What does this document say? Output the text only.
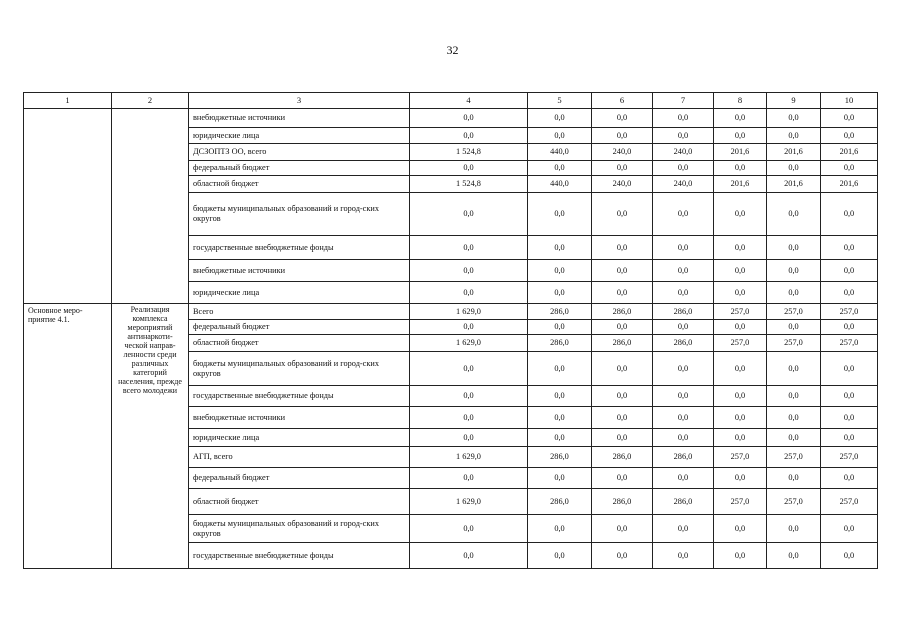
32
1	2	3	4	5	6	7	8	9	10
		внебюджетные источники	0,0	0,0	0,0	0,0	0,0	0,0	0,0
		юридические лица	0,0	0,0	0,0	0,0	0,0	0,0	0,0
		ДСЗОПТЗ ОО, всего	1 524,8	440,0	240,0	240,0	201,6	201,6	201,6
		федеральный бюджет	0,0	0,0	0,0	0,0	0,0	0,0	0,0
		областной бюджет	1 524,8	440,0	240,0	240,0	201,6	201,6	201,6
		бюджеты муниципальных образований и город-ских округов	0,0	0,0	0,0	0,0	0,0	0,0	0,0
		государственные внебюджетные фонды	0,0	0,0	0,0	0,0	0,0	0,0	0,0
		внебюджетные источники	0,0	0,0	0,0	0,0	0,0	0,0	0,0
		юридические лица	0,0	0,0	0,0	0,0	0,0	0,0	0,0
Основное меро-приятие 4.1.	Реализация комплекса мероприятий антинаркоти-ческой направ-ленности среди различных категорий населения, прежде всего молодежи	Всего	1 629,0	286,0	286,0	286,0	257,0	257,0	257,0
		федеральный бюджет	0,0	0,0	0,0	0,0	0,0	0,0	0,0
		областной бюджет	1 629,0	286,0	286,0	286,0	257,0	257,0	257,0
		бюджеты муниципальных образований и город-ских округов	0,0	0,0	0,0	0,0	0,0	0,0	0,0
		государственные внебюджетные фонды	0,0	0,0	0,0	0,0	0,0	0,0	0,0
		внебюджетные источники	0,0	0,0	0,0	0,0	0,0	0,0	0,0
		юридические лица	0,0	0,0	0,0	0,0	0,0	0,0	0,0
		АГП, всего	1 629,0	286,0	286,0	286,0	257,0	257,0	257,0
		федеральный бюджет	0,0	0,0	0,0	0,0	0,0	0,0	0,0
		областной бюджет	1 629,0	286,0	286,0	286,0	257,0	257,0	257,0
		бюджеты муниципальных образований и город-ских округов	0,0	0,0	0,0	0,0	0,0	0,0	0,0
		государственные внебюджетные фонды	0,0	0,0	0,0	0,0	0,0	0,0	0,0
